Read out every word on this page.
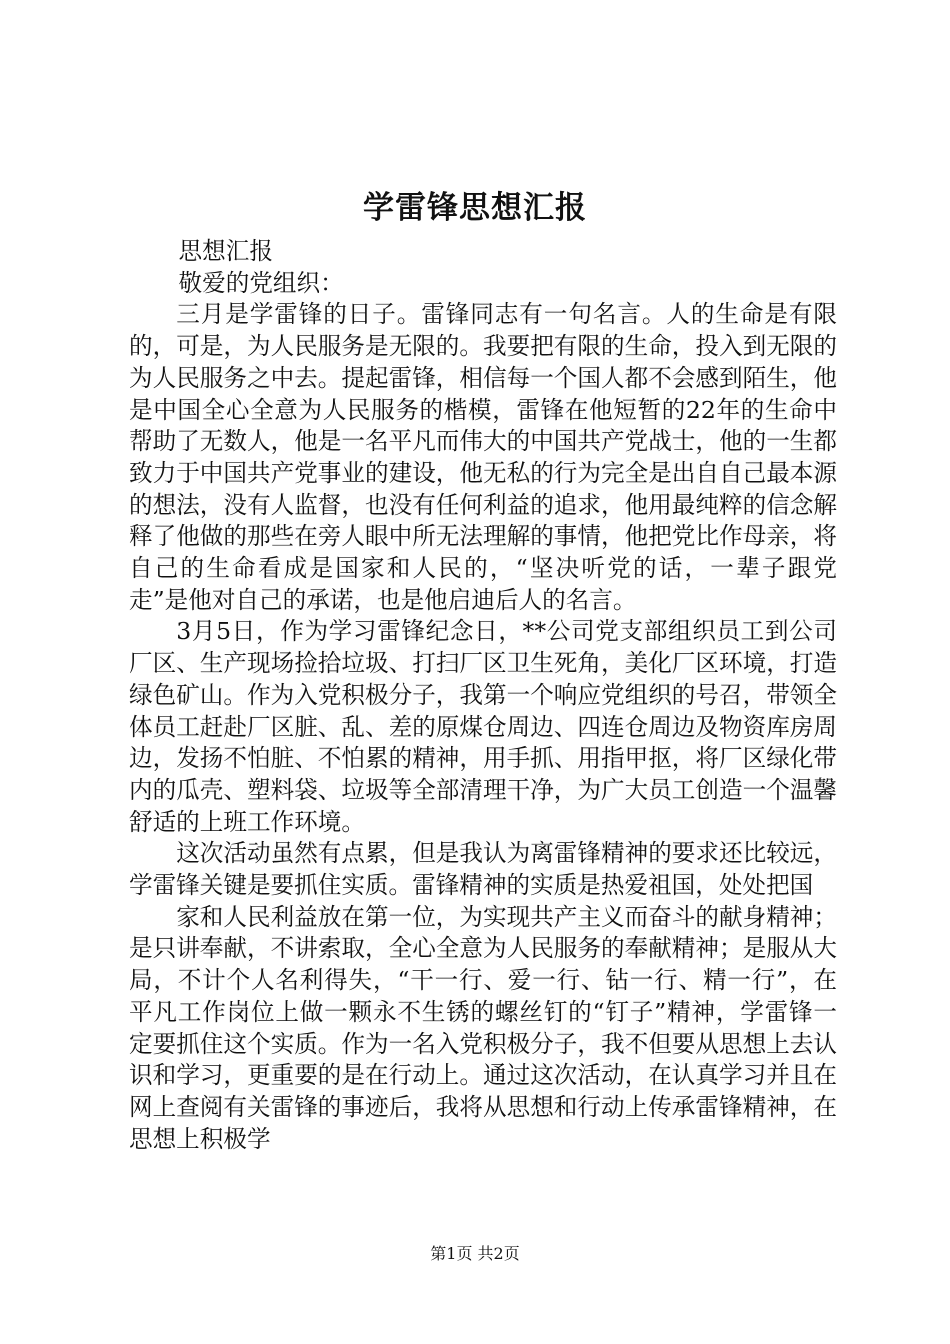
学雷锋思想汇报

思想汇报

敬爱的党组织：

三月是学雷锋的日子。雷锋同志有一句名言。人的生命是有限的，可是，为人民服务是无限的。我要把有限的生命，投入到无限的为人民服务之中去。提起雷锋，相信每一个国人都不会感到陌生，他是中国全心全意为人民服务的楷模，雷锋在他短暂的22年的生命中帮助了无数人，他是一名平凡而伟大的中国共产党战士，他的一生都致力于中国共产党事业的建设，他无私的行为完全是出自自己最本源的想法，没有人监督，也没有任何利益的追求，他用最纯粹的信念解释了他做的那些在旁人眼中所无法理解的事情，他把党比作母亲，将自己的生命看成是国家和人民的，“坚决听党的话，一辈子跟党走”是他对自己的承诺，也是他启迪后人的名言。

3月5日，作为学习雷锋纪念日，**公司党支部组织员工到公司厂区、生产现场捡拾垃圾、打扫厂区卫生死角，美化厂区环境，打造绿色矿山。作为入党积极分子，我第一个响应党组织的号召，带领全体员工赶赴厂区脏、乱、差的原煤仓周边、四连仓周边及物资库房周边，发扬不怕脏、不怕累的精神，用手抓、用指甲抠，将厂区绿化带内的瓜壳、塑料袋、垃圾等全部清理干净，为广大员工创造一个温馨舒适的上班工作环境。

这次活动虽然有点累，但是我认为离雷锋精神的要求还比较远，学雷锋关键是要抓住实质。雷锋精神的实质是热爱祖国，处处把国

家和人民利益放在第一位，为实现共产主义而奋斗的献身精神；是只讲奉献，不讲索取，全心全意为人民服务的奉献精神；是服从大局，不计个人名利得失，“干一行、爱一行、钻一行、精一行”，在平凡工作岗位上做一颗永不生锈的螺丝钉的“钉子”精神，学雷锋一定要抓住这个实质。作为一名入党积极分子，我不但要从思想上去认识和学习，更重要的是在行动上。通过这次活动，在认真学习并且在网上查阅有关雷锋的事迹后，我将从思想和行动上传承雷锋精神，在思想上积极学

第1页 共2页
